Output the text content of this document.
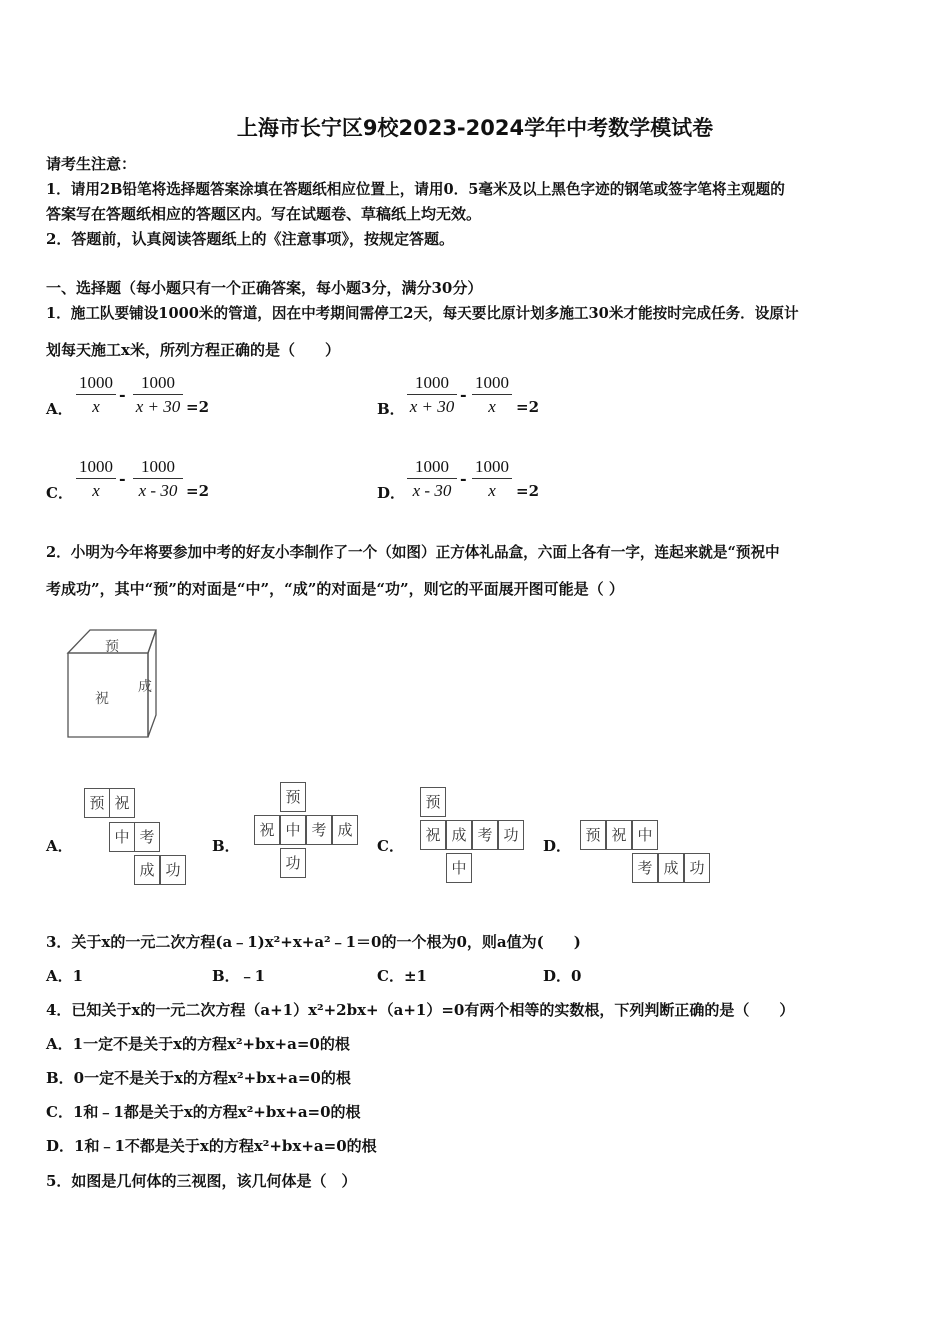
上海市长宁区9校2023-2024学年中考数学模试卷
请考生注意：
1．请用2B铅笔将选择题答案涂填在答题纸相应位置上，请用0．5毫米及以上黑色字迹的钢笔或签字笔将主观题的
答案写在答题纸相应的答题区内。写在试题卷、草稿纸上均无效。
2．答题前，认真阅读答题纸上的《注意事项》，按规定答题。
一、选择题（每小题只有一个正确答案，每小题3分，满分30分）
1．施工队要铺设1000米的管道，因在中考期间需停工2天，每天要比原计划多施工30米才能按时完成任务．设原计
划每天施工x米，所列方程正确的是（　　）
A． $\frac{1000}{x} - \frac{1000}{x + 30} =2$	B． $\frac{1000}{x + 30} - \frac{1000}{x} =2$
C． $\frac{1000}{x} - \frac{1000}{x - 30} =2$	D． $\frac{1000}{x - 30} - \frac{1000}{x} =2$
2．小明为今年将要参加中考的好友小李制作了一个（如图）正方体礼品盒，六面上各有一字，连起来就是“预祝中
考成功”，其中“预”的对面是“中”，“成”的对面是“功”，则它的平面展开图可能是（ ）
预
祝
成
A．
预 祝
中 考
成 功
B．
预
祝 中 考 成
功
C．
预
祝 成 考 功
中
D．
预 祝 中
考 成 功
3．关于x的一元二次方程(a﹣1)x²+x+a²﹣1＝0的一个根为0，则a值为(　　)
A．1	B．﹣1	C．±1	D．0
4．已知关于x的一元二次方程（a+1）x²+2bx+（a+1）=0有两个相等的实数根，下列判断正确的是（　　）
A．1一定不是关于x的方程x²+bx+a=0的根
B．0一定不是关于x的方程x²+bx+a=0的根
C．1和﹣1都是关于x的方程x²+bx+a=0的根
D．1和﹣1不都是关于x的方程x²+bx+a=0的根
5．如图是几何体的三视图，该几何体是（　）
